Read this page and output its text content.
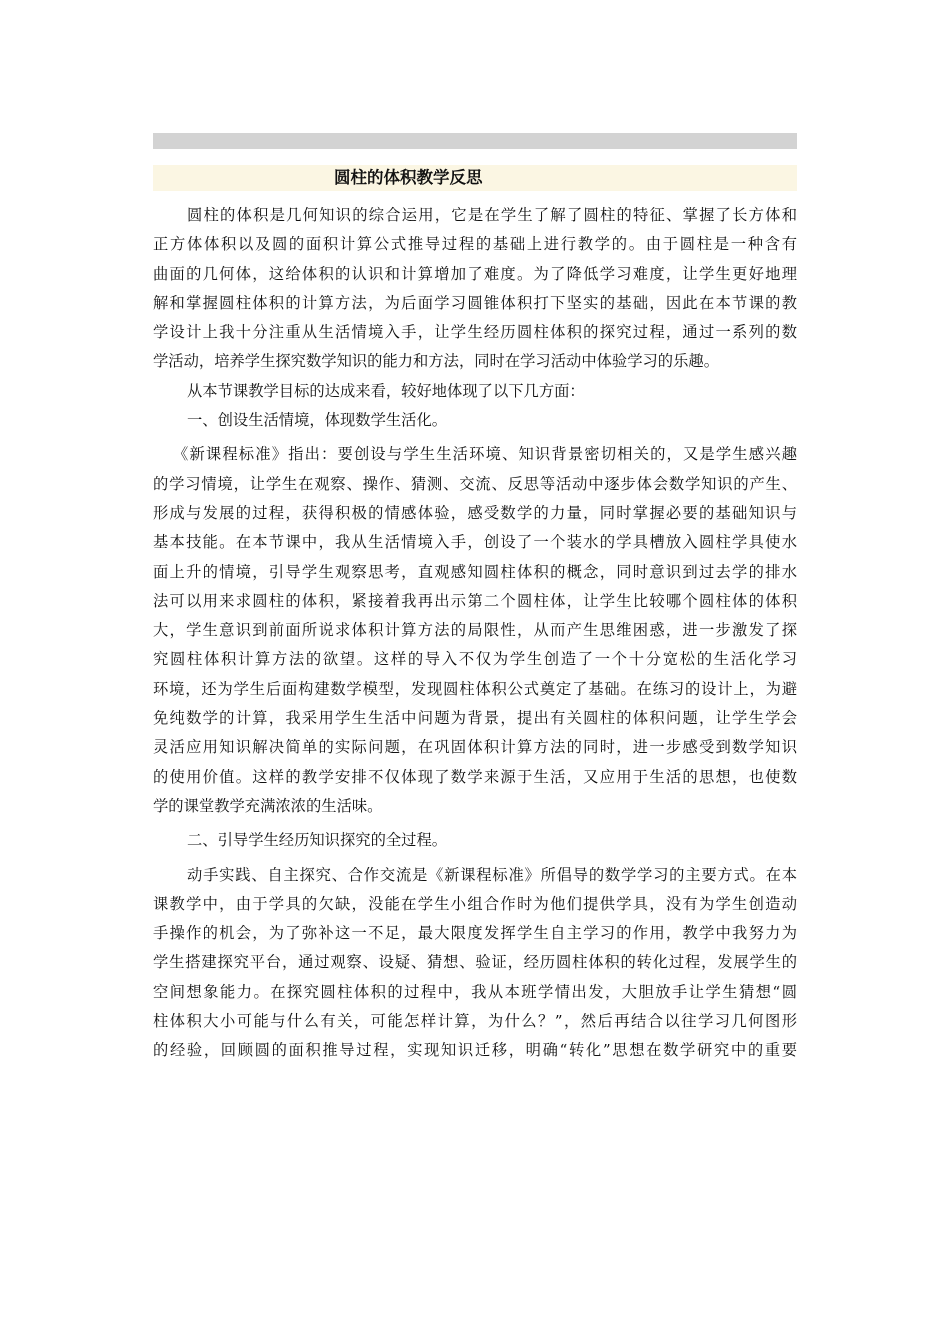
圆柱的体积教学反思
圆柱的体积是几何知识的综合运用，它是在学生了解了圆柱的特征、掌握了长方体和
正方体体积以及圆的面积计算公式推导过程的基础上进行教学的。由于圆柱是一种含有
曲面的几何体，这给体积的认识和计算增加了难度。为了降低学习难度，让学生更好地理
解和掌握圆柱体积的计算方法，为后面学习圆锥体积打下坚实的基础，因此在本节课的教
学设计上我十分注重从生活情境入手，让学生经历圆柱体积的探究过程，通过一系列的数
学活动，培养学生探究数学知识的能力和方法，同时在学习活动中体验学习的乐趣。
从本节课教学目标的达成来看，较好地体现了以下几方面：
一、创设生活情境，体现数学生活化。
《新课程标准》指出：要创设与学生生活环境、知识背景密切相关的，又是学生感兴趣
的学习情境，让学生在观察、操作、猜测、交流、反思等活动中逐步体会数学知识的产生、
形成与发展的过程，获得积极的情感体验，感受数学的力量，同时掌握必要的基础知识与
基本技能。在本节课中，我从生活情境入手，创设了一个装水的学具槽放入圆柱学具使水
面上升的情境，引导学生观察思考，直观感知圆柱体积的概念，同时意识到过去学的排水
法可以用来求圆柱的体积，紧接着我再出示第二个圆柱体，让学生比较哪个圆柱体的体积
大，学生意识到前面所说求体积计算方法的局限性，从而产生思维困惑，进一步激发了探
究圆柱体积计算方法的欲望。这样的导入不仅为学生创造了一个十分宽松的生活化学习
环境，还为学生后面构建数学模型，发现圆柱体积公式奠定了基础。在练习的设计上，为避
免纯数学的计算，我采用学生生活中问题为背景，提出有关圆柱的体积问题，让学生学会
灵活应用知识解决简单的实际问题，在巩固体积计算方法的同时，进一步感受到数学知识
的使用价值。这样的教学安排不仅体现了数学来源于生活，又应用于生活的思想，也使数
学的课堂教学充满浓浓的生活味。
二、引导学生经历知识探究的全过程。
动手实践、自主探究、合作交流是《新课程标准》所倡导的数学学习的主要方式。在本
课教学中，由于学具的欠缺，没能在学生小组合作时为他们提供学具，没有为学生创造动
手操作的机会，为了弥补这一不足，最大限度发挥学生自主学习的作用，教学中我努力为
学生搭建探究平台，通过观察、设疑、猜想、验证，经历圆柱体积的转化过程，发展学生的
空间想象能力。在探究圆柱体积的过程中，我从本班学情出发，大胆放手让学生猜想“圆
柱体积大小可能与什么有关，可能怎样计算，为什么？”，然后再结合以往学习几何图形
的经验，回顾圆的面积推导过程，实现知识迁移，明确“转化”思想在数学研究中的重要
